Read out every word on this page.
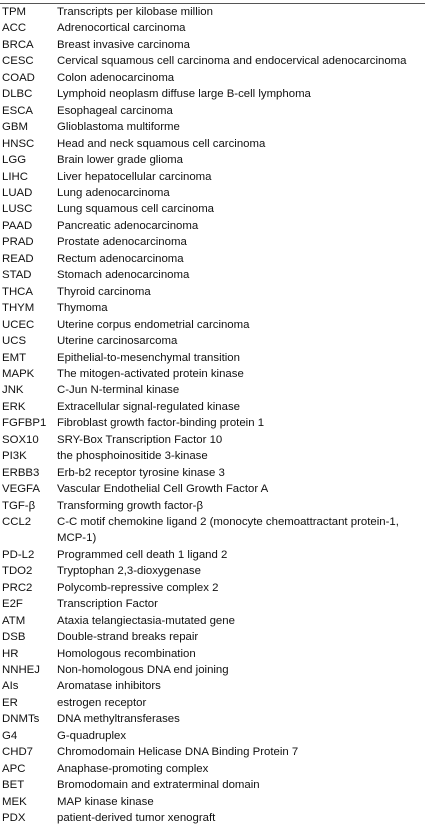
TPM	Transcripts per kilobase million
ACC	Adrenocortical carcinoma
BRCA	Breast invasive carcinoma
CESC	Cervical squamous cell carcinoma and endocervical adenocarcinoma
COAD	Colon adenocarcinoma
DLBC	Lymphoid neoplasm diffuse large B-cell lymphoma
ESCA	Esophageal carcinoma
GBM	Glioblastoma multiforme
HNSC	Head and neck squamous cell carcinoma
LGG	Brain lower grade glioma
LIHC	Liver hepatocellular carcinoma
LUAD	Lung adenocarcinoma
LUSC	Lung squamous cell carcinoma
PAAD	Pancreatic adenocarcinoma
PRAD	Prostate adenocarcinoma
READ	Rectum adenocarcinoma
STAD	Stomach adenocarcinoma
THCA	Thyroid carcinoma
THYM	Thymoma
UCEC	Uterine corpus endometrial carcinoma
UCS	Uterine carcinosarcoma
EMT	Epithelial-to-mesenchymal transition
MAPK	The mitogen-activated protein kinase
JNK	C-Jun N-terminal kinase
ERK	Extracellular signal-regulated kinase
FGFBP1 Fibroblast growth factor-binding protein 1
SOX10	SRY-Box Transcription Factor 10
PI3K	the phosphoinositide 3-kinase
ERBB3	Erb-b2 receptor tyrosine kinase 3
VEGFA	Vascular Endothelial Cell Growth Factor A
TGF-β	Transforming growth factor-β
CCL2	C-C motif chemokine ligand 2 (monocyte chemoattractant protein-1, MCP-1)
PD-L2	Programmed cell death 1 ligand 2
TDO2	Tryptophan 2,3-dioxygenase
PRC2	Polycomb-repressive complex 2
E2F	Transcription Factor
ATM	Ataxia telangiectasia-mutated gene
DSB	Double-strand breaks repair
HR	Homologous recombination
NNHEJ	Non-homologous DNA end joining
AIs	Aromatase inhibitors
ER	estrogen receptor
DNMTs	DNA methyltransferases
G4	G-quadruplex
CHD7	Chromodomain Helicase DNA Binding Protein 7
APC	Anaphase-promoting complex
BET	Bromodomain and extraterminal domain
MEK	MAP kinase kinase
PDX	patient-derived tumor xenograft
